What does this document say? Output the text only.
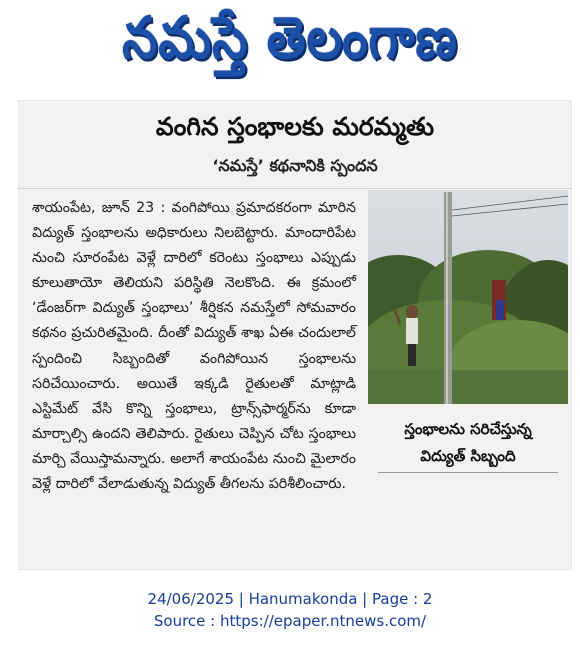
నమస్తే తెలంగాణ
వంగిన స్తంభాలకు మరమ్మతు
‘నమస్తే’ కథనానికి స్పందన

శాయంపేట, జూన్ 23 : వంగిపోయి ప్రమాదకరంగా మారిన విద్యుత్ స్తంభాలను అధికారులు నిలబెట్టారు. మాందారిపేట నుంచి సూరంపేట వెళ్లే దారిలో కరెంటు స్తంభాలు ఎప్పుడు కూలుతాయో తెలియని పరిస్థితి నెలకొంది. ఈ క్రమంలో ‘డేంజర్‌గా విద్యుత్ స్తంభాలు’ శీర్షికన నమస్తేలో సోమవారం కథనం ప్రచురితమైంది. దీంతో విద్యుత్ శాఖ ఏఈ చందులాల్ స్పందించి సిబ్బందితో వంగిపోయిన స్తంభాలను సరిచేయించారు. అయితే ఇక్కడి రైతులతో మాట్లాడి ఎస్టిమేట్ వేసి కొన్ని స్తంభాలు, ట్రాన్స్‌ఫార్మర్‌ను కూడా మార్చాల్సి ఉందని తెలిపారు. రైతులు చెప్పిన చోట స్తంభాలు మార్చి వేయిస్తామన్నారు. అలాగే శాయంపేట నుంచి మైలారం వెళ్లే దారిలో వేలాడుతున్న విద్యుత్ తీగలను పరిశీలించారు.

స్తంభాలను సరిచేస్తున్న
విద్యుత్ సిబ్బంది
24/06/2025 | Hanumakonda | Page : 2
Source : https://epaper.ntnews.com/
